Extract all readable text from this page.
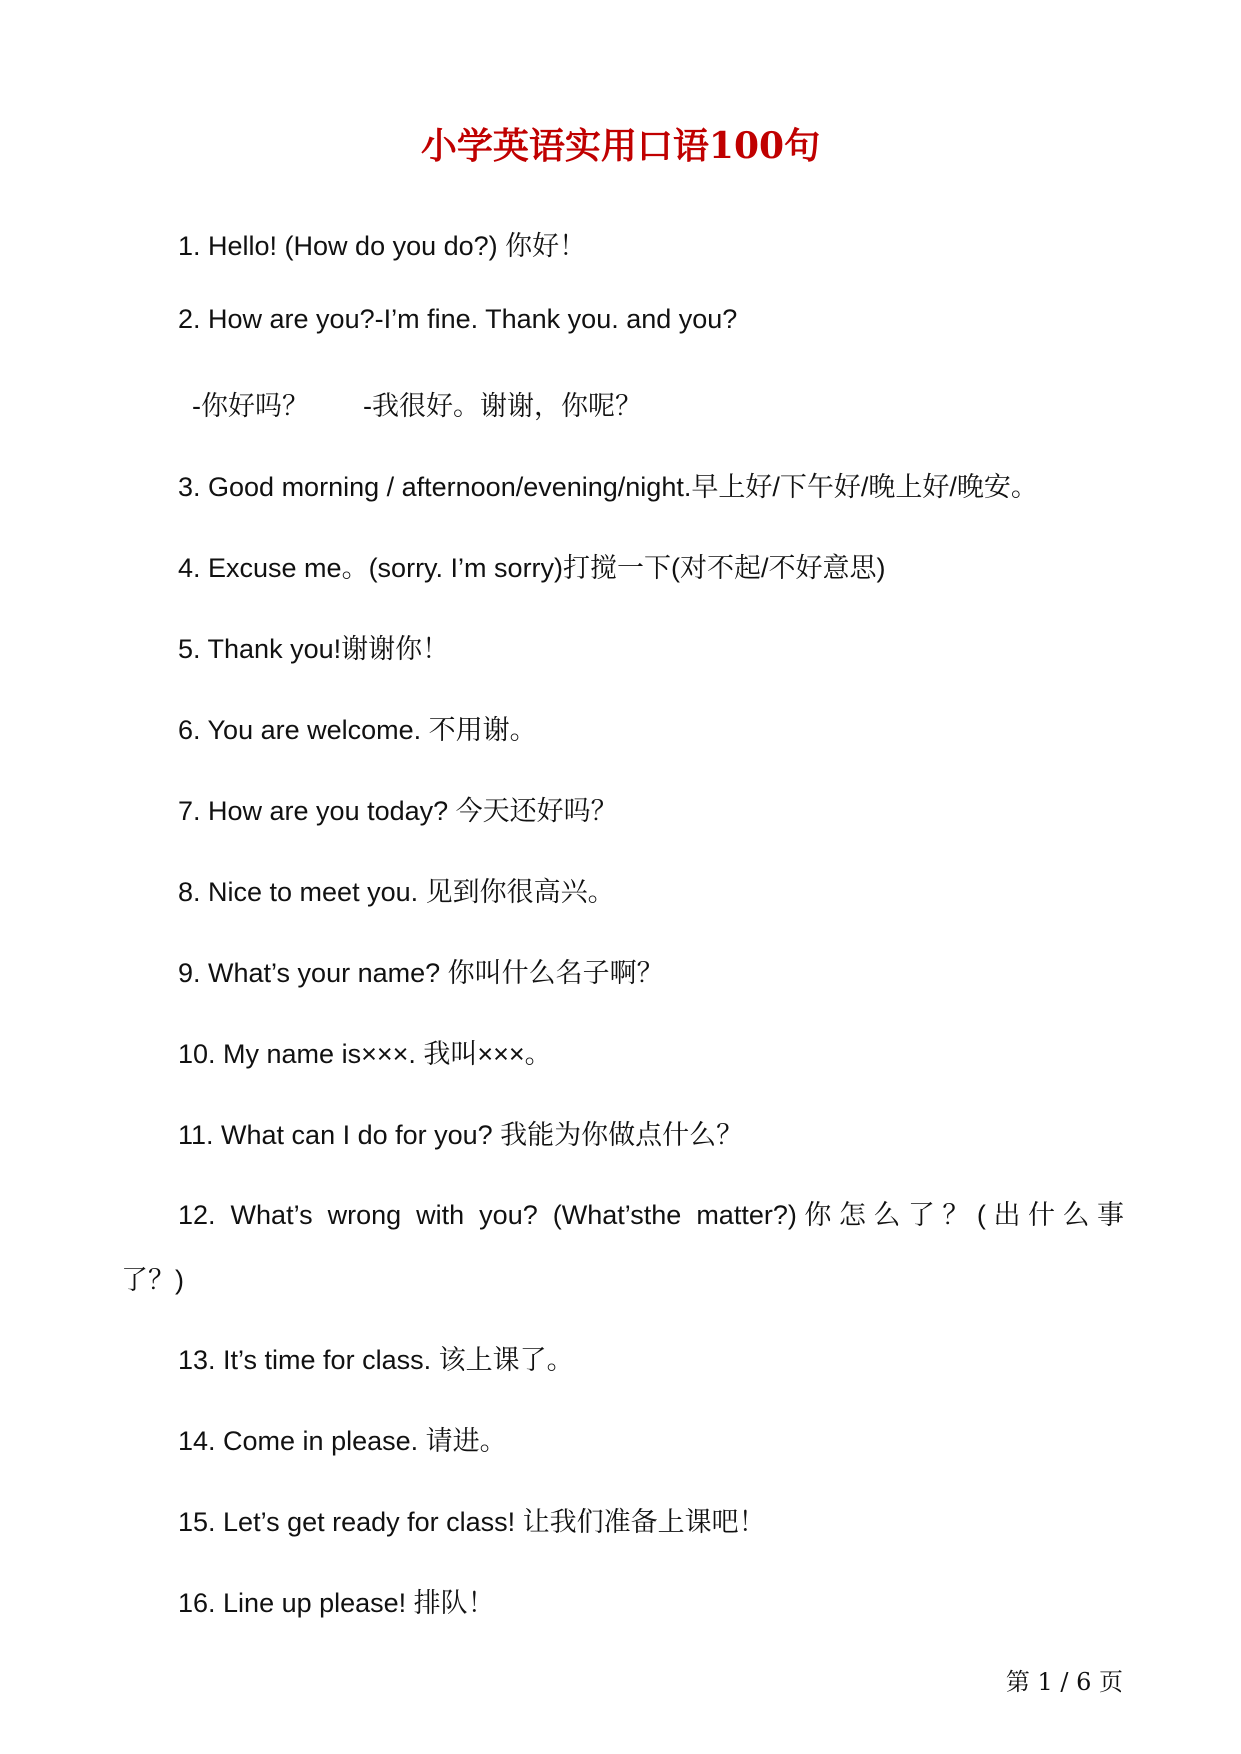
小学英语实用口语100句
1. Hello! (How do you do?) 你好！
2. How are you?-I’m fine. Thank you. and you?
-你好吗？　　-我很好。谢谢，你呢？
3. Good morning / afternoon/evening/night.早上好/下午好/晚上好/晚安。
4. Excuse me。(sorry. I’m sorry)打搅一下(对不起/不好意思)
5. Thank you!谢谢你！
6. You are welcome. 不用谢。
7. How are you today? 今天还好吗？
8. Nice to meet you. 见到你很高兴。
9. What’s your name? 你叫什么名子啊？
10. My name is×××. 我叫×××。
11. What can I do for you? 我能为你做点什么？
12. What’s wrong with you? (What’sthe matter?)你怎么了？(出什么事
了？)
13. It’s time for class. 该上课了。
14. Come in please. 请进。
15. Let’s get ready for class! 让我们准备上课吧！
16. Line up please! 排队！
第 1 / 6 页
